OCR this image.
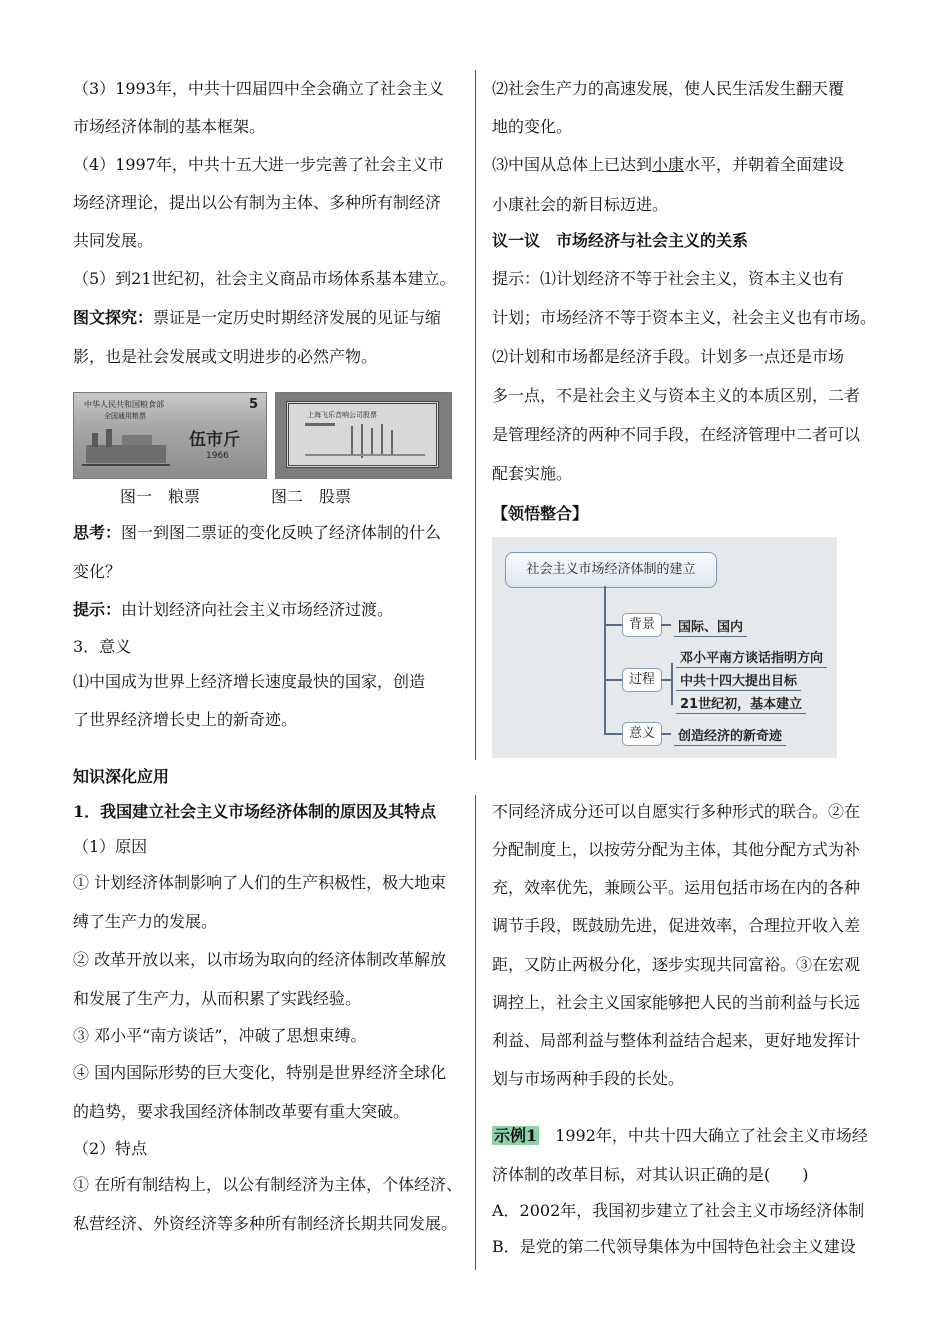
（3）1993年，中共十四届四中全会确立了社会主义
市场经济体制的基本框架。
（4）1997年，中共十五大进一步完善了社会主义市
场经济理论，提出以公有制为主体、多种所有制经济
共同发展。
（5）到21世纪初，社会主义商品市场体系基本建立。
图文探究：票证是一定历史时期经济发展的见证与缩
影，也是社会发展或文明进步的必然产物。
中华人民共和国粮食部
全国通用粮票
5
伍市斤
1966
上海飞乐音响公司股票
图一　粮票	图二　股票
思考：图一到图二票证的变化反映了经济体制的什么
变化？
提示：由计划经济向社会主义市场经济过渡。
3．意义
⑴中国成为世界上经济增长速度最快的国家，创造
了世界经济增长史上的新奇迹。
⑵社会生产力的高速发展，使人民生活发生翻天覆
地的变化。
⑶中国从总体上已达到小康水平，并朝着全面建设
小康社会的新目标迈进。
议一议　市场经济与社会主义的关系
提示：⑴计划经济不等于社会主义，资本主义也有
计划；市场经济不等于资本主义，社会主义也有市场。
⑵计划和市场都是经济手段。计划多一点还是市场
多一点，不是社会主义与资本主义的本质区别，二者
是管理经济的两种不同手段，在经济管理中二者可以
配套实施。
【领悟整合】
社会主义市场经济体制的建立
背景	国际、国内
过程
邓小平南方谈话指明方向
中共十四大提出目标
21世纪初，基本建立
意义	创造经济的新奇迹
知识深化应用
1．我国建立社会主义市场经济体制的原因及其特点
（1）原因
① 计划经济体制影响了人们的生产积极性，极大地束
缚了生产力的发展。
② 改革开放以来，以市场为取向的经济体制改革解放
和发展了生产力，从而积累了实践经验。
③ 邓小平“南方谈话”，冲破了思想束缚。
④ 国内国际形势的巨大变化，特别是世界经济全球化
的趋势，要求我国经济体制改革要有重大突破。
（2）特点
① 在所有制结构上，以公有制经济为主体，个体经济、
私营经济、外资经济等多种所有制经济长期共同发展。
不同经济成分还可以自愿实行多种形式的联合。②在
分配制度上，以按劳分配为主体，其他分配方式为补
充，效率优先，兼顾公平。运用包括市场在内的各种
调节手段，既鼓励先进，促进效率，合理拉开收入差
距，又防止两极分化，逐步实现共同富裕。③在宏观
调控上，社会主义国家能够把人民的当前利益与长远
利益、局部利益与整体利益结合起来，更好地发挥计
划与市场两种手段的长处。
示例1　1992年，中共十四大确立了社会主义市场经
济体制的改革目标，对其认识正确的是(　　)
A．2002年，我国初步建立了社会主义市场经济体制
B．是党的第二代领导集体为中国特色社会主义建设
